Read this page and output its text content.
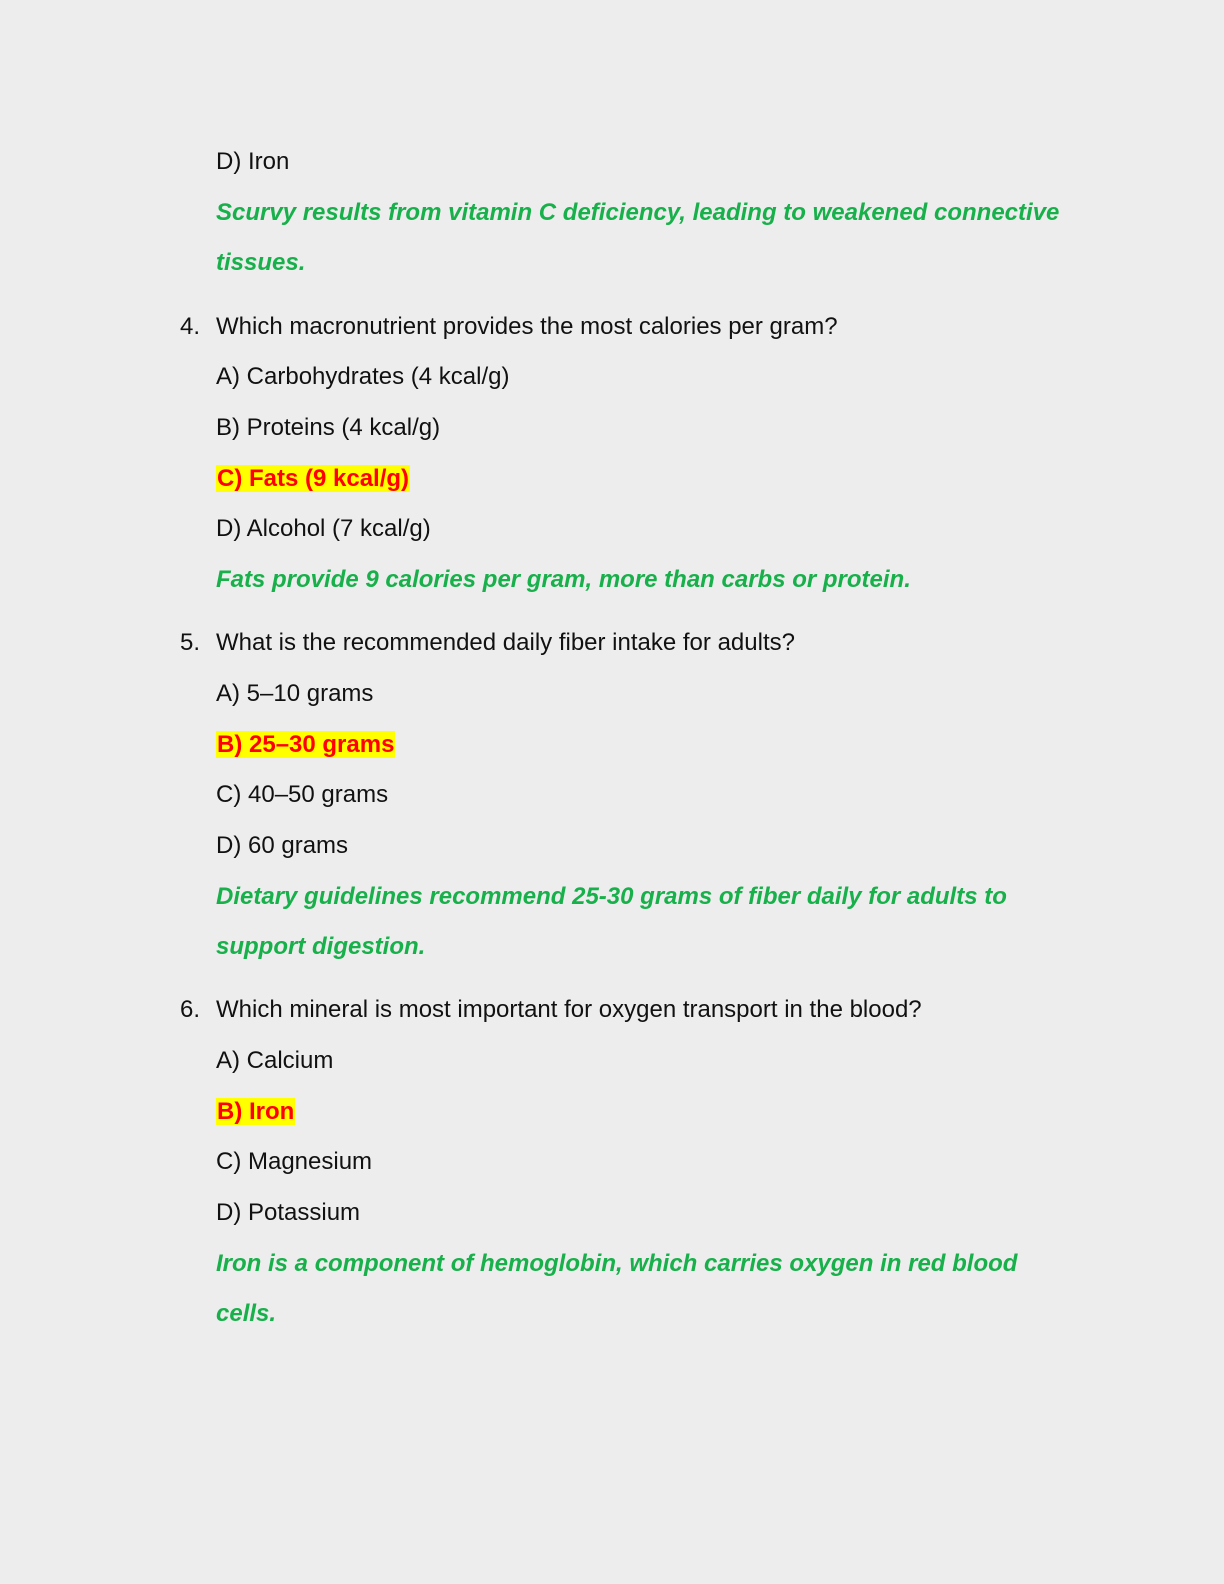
D) Iron
Scurvy results from vitamin C deficiency, leading to weakened connective
tissues.
4. Which macronutrient provides the most calories per gram?
A) Carbohydrates (4 kcal/g)
B) Proteins (4 kcal/g)
C) Fats (9 kcal/g)
D) Alcohol (7 kcal/g)
Fats provide 9 calories per gram, more than carbs or protein.
5. What is the recommended daily fiber intake for adults?
A) 5–10 grams
B) 25–30 grams
C) 40–50 grams
D) 60 grams
Dietary guidelines recommend 25-30 grams of fiber daily for adults to
support digestion.
6. Which mineral is most important for oxygen transport in the blood?
A) Calcium
B) Iron
C) Magnesium
D) Potassium
Iron is a component of hemoglobin, which carries oxygen in red blood
cells.
